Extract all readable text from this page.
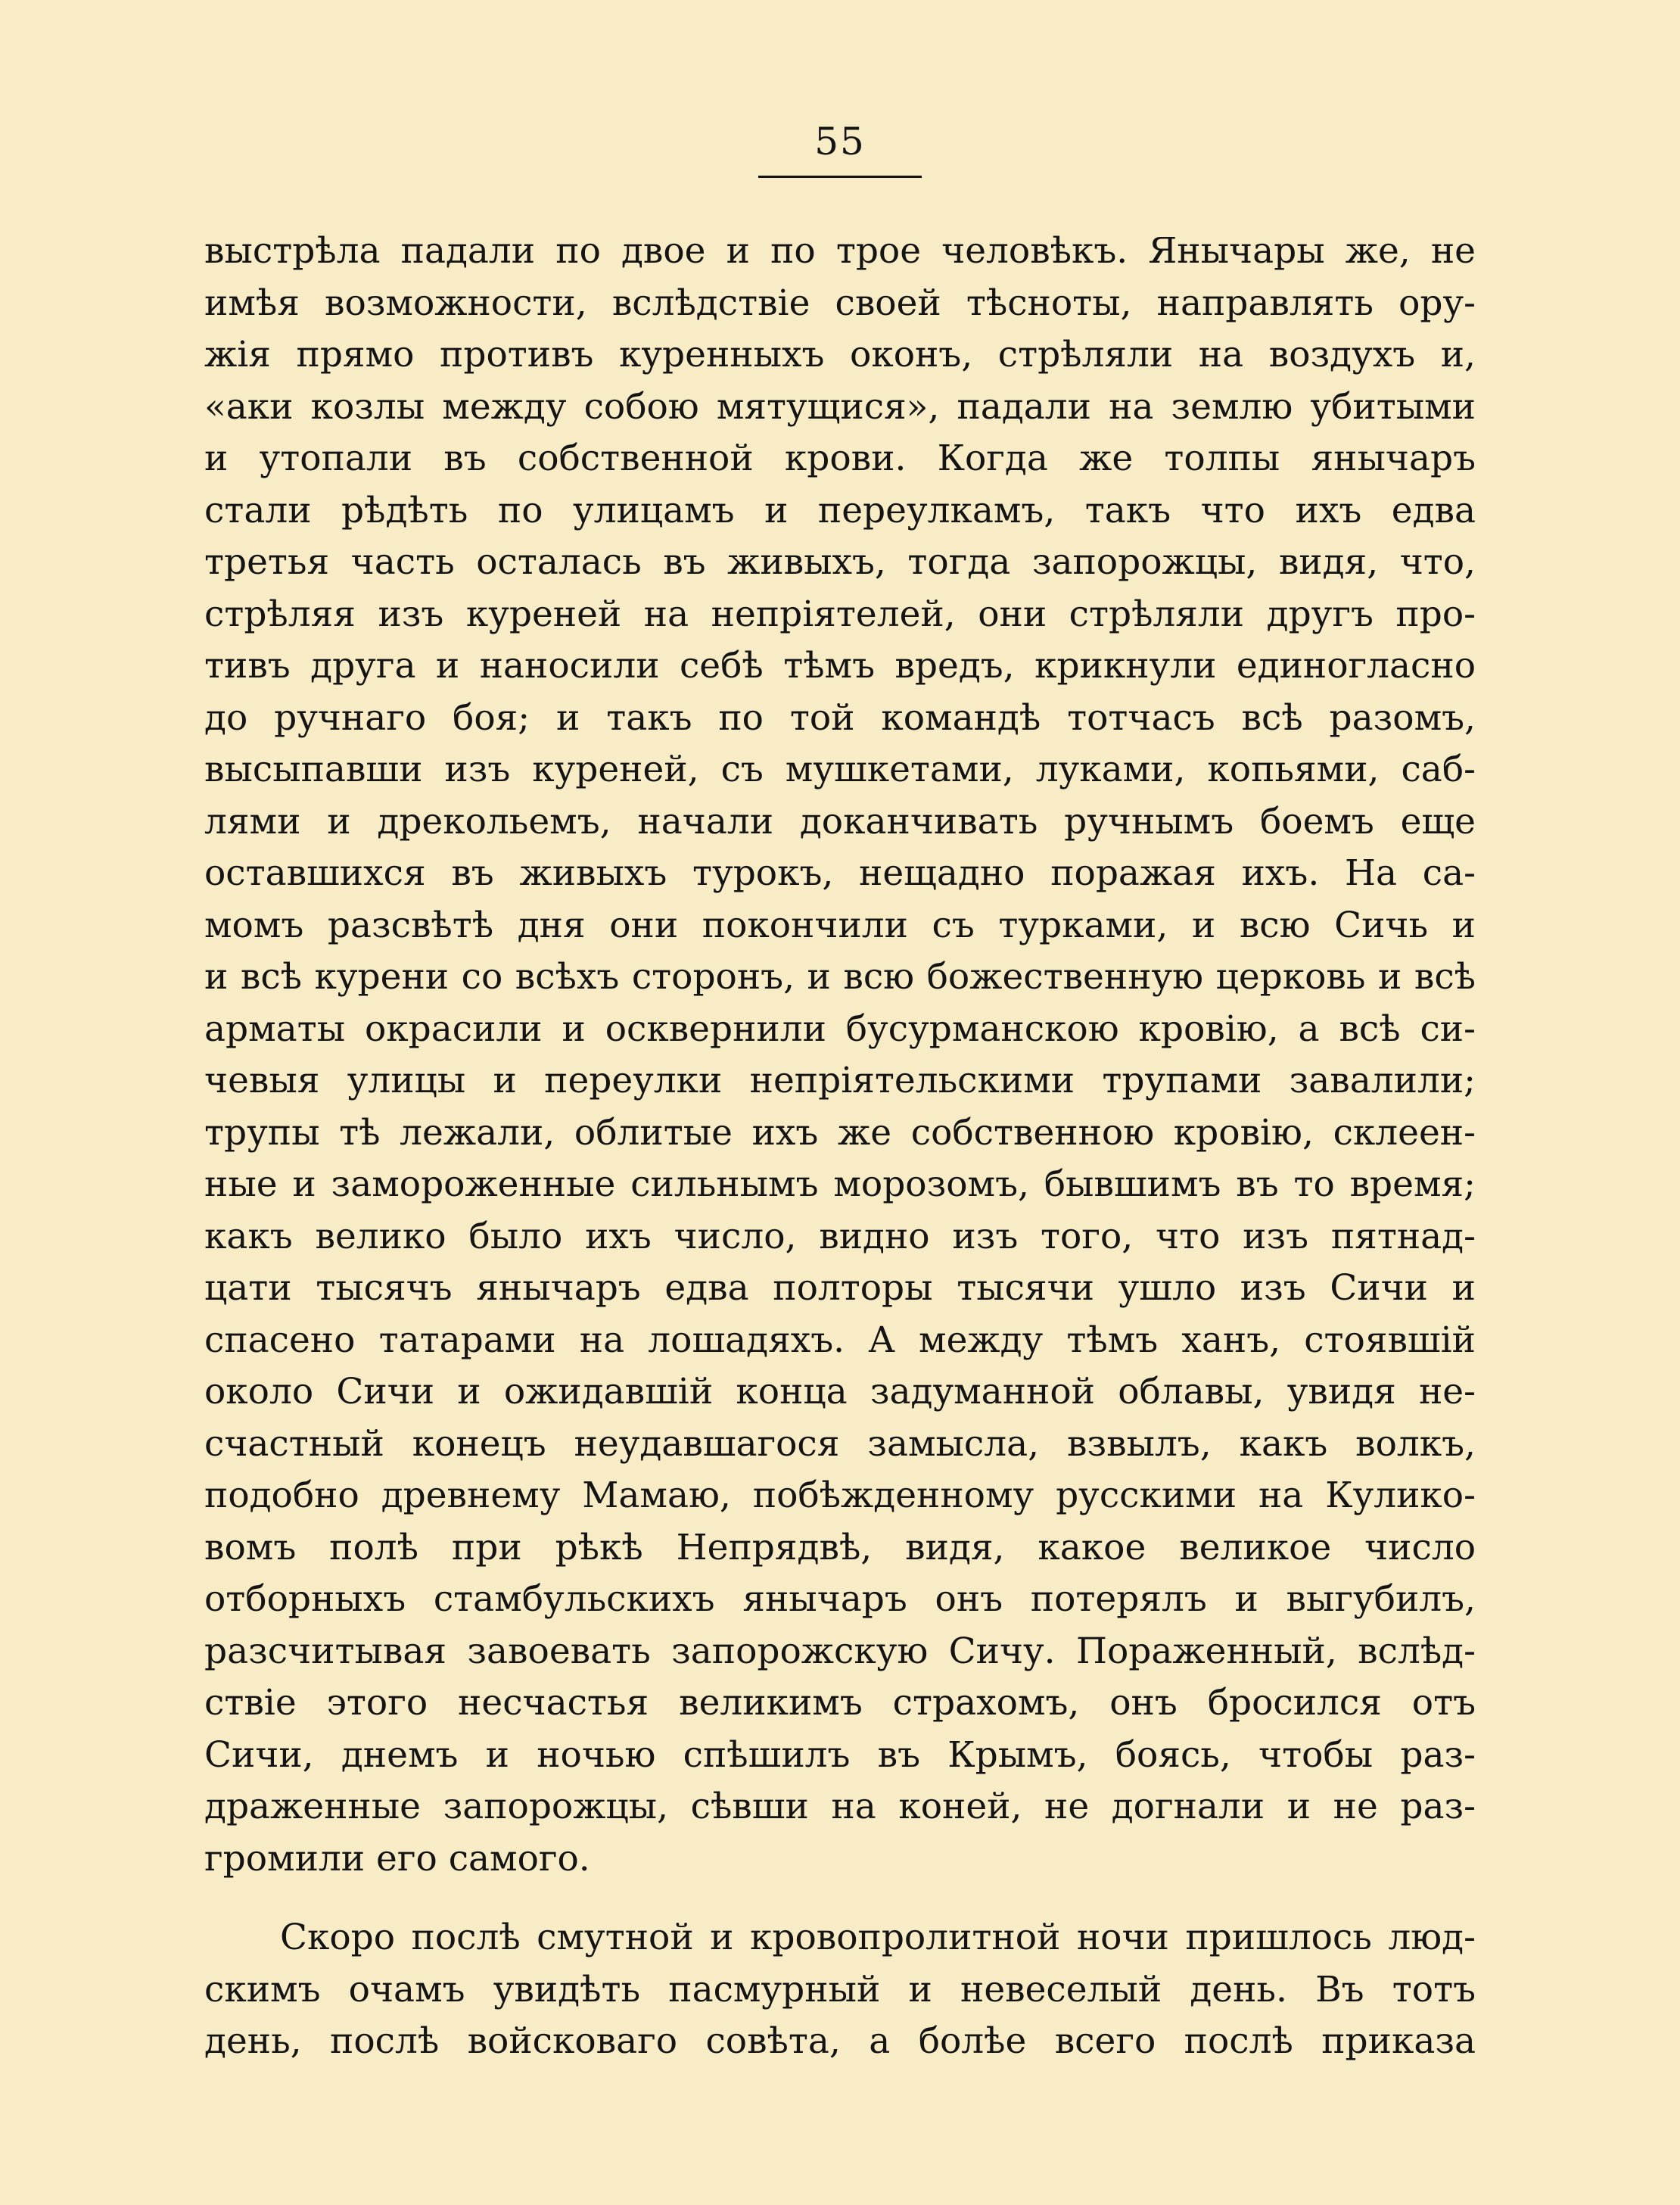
55
выстрѣла падали по двое и по трое человѣкъ. Янычары же, не
имѣя возможности, вслѣдствіе своей тѣсноты, направлять ору-
жія прямо противъ куренныхъ оконъ, стрѣляли на воздухъ и,
«аки козлы между собою мятущися», падали на землю убитыми
и утопали въ собственной крови. Когда же толпы янычаръ
стали рѣдѣть по улицамъ и переулкамъ, такъ что ихъ едва
третья часть осталась въ живыхъ, тогда запорожцы, видя, что,
стрѣляя изъ куреней на непріятелей, они стрѣляли другъ про-
тивъ друга и наносили себѣ тѣмъ вредъ, крикнули единогласно
до ручнаго боя; и такъ по той командѣ тотчасъ всѣ разомъ,
высыпавши изъ куреней, съ мушкетами, луками, копьями, саб-
лями и дрекольемъ, начали доканчивать ручнымъ боемъ еще
оставшихся въ живыхъ турокъ, нещадно поражая ихъ. На са-
момъ разсвѣтѣ дня они покончили съ турками, и всю Сичь и
и всѣ курени со всѣхъ сторонъ, и всю божественную церковь и всѣ
арматы окрасили и осквернили бусурманскою кровію, а всѣ си-
чевыя улицы и переулки непріятельскими трупами завалили;
трупы тѣ лежали, облитые ихъ же собственною кровію, склеен-
ные и замороженные сильнымъ морозомъ, бывшимъ въ то время;
какъ велико было ихъ число, видно изъ того, что изъ пятнад-
цати тысячъ янычаръ едва полторы тысячи ушло изъ Сичи и
спасено татарами на лошадяхъ. А между тѣмъ ханъ, стоявшій
около Сичи и ожидавшій конца задуманной облавы, увидя не-
счастный конецъ неудавшагося замысла, взвылъ, какъ волкъ,
подобно древнему Мамаю, побѣжденному русскими на Кулико-
вомъ полѣ при рѣкѣ Непрядвѣ, видя, какое великое число
отборныхъ стамбульскихъ янычаръ онъ потерялъ и выгубилъ,
разсчитывая завоевать запорожскую Сичу. Пораженный, вслѣд-
ствіе этого несчастья великимъ страхомъ, онъ бросился отъ
Сичи, днемъ и ночью спѣшилъ въ Крымъ, боясь, чтобы раз-
драженные запорожцы, сѣвши на коней, не догнали и не раз-
громили его самого.
Скоро послѣ смутной и кровопролитной ночи пришлось люд-
скимъ очамъ увидѣть пасмурный и невеселый день. Въ тотъ
день, послѣ войсковаго совѣта, а болѣе всего послѣ приказа
